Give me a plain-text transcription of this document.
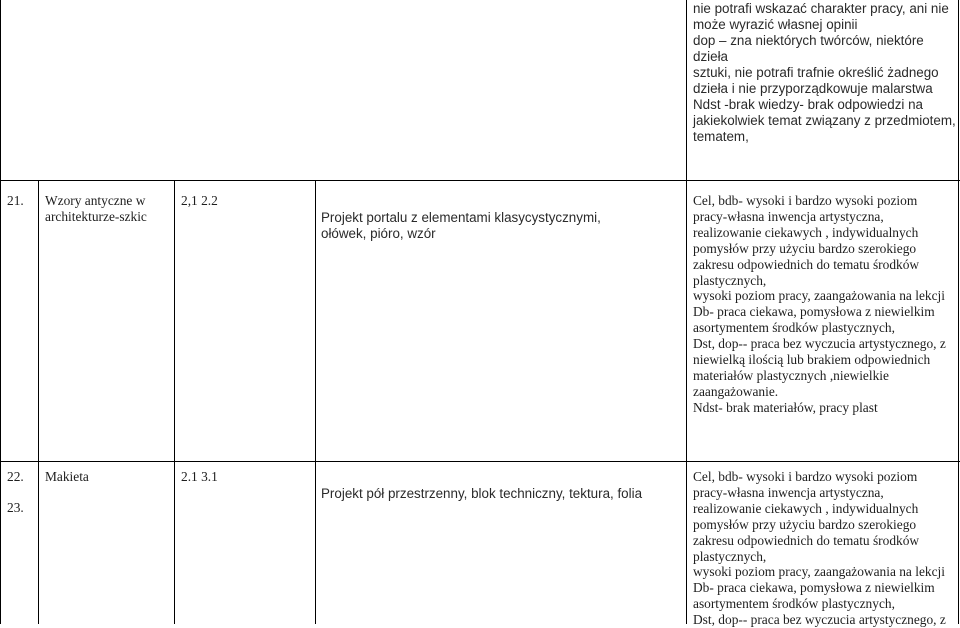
nie potrafi wskazać charakter pracy, ani nie
może wyrazić własnej opinii
dop – zna niektórych twórców, niektóre dzieła
sztuki, nie potrafi trafnie określić żadnego
dzieła i nie przyporządkowuje malarstwa
Ndst -brak wiedzy- brak odpowiedzi na
jakiekolwiek temat związany z przedmiotem,
tematem,
21. Wzory antyczne w
architekturze-szkic
2,1 2.2
Projekt portalu z elementami klasycystycznymi,
ołówek, pióro, wzór
Cel, bdb- wysoki i bardzo wysoki poziom
pracy-własna inwencja artystyczna,
realizowanie ciekawych , indywidualnych
pomysłów przy użyciu bardzo szerokiego
zakresu odpowiednich do tematu środków
plastycznych,
wysoki poziom pracy, zaangażowania na lekcji
Db- praca ciekawa, pomysłowa z niewielkim
asortymentem środków plastycznych,
Dst, dop-- praca bez wyczucia artystycznego, z
niewielką ilością lub brakiem odpowiednich
materiałów plastycznych ,niewielkie
zaangażowanie.
Ndst- brak materiałów, pracy plast
22.

23.
Makieta	2.1 3.1
Projekt pół przestrzenny, blok techniczny, tektura, folia
Cel, bdb- wysoki i bardzo wysoki poziom
pracy-własna inwencja artystyczna,
realizowanie ciekawych , indywidualnych
pomysłów przy użyciu bardzo szerokiego
zakresu odpowiednich do tematu środków
plastycznych,
wysoki poziom pracy, zaangażowania na lekcji
Db- praca ciekawa, pomysłowa z niewielkim
asortymentem środków plastycznych,
Dst, dop-- praca bez wyczucia artystycznego, z
